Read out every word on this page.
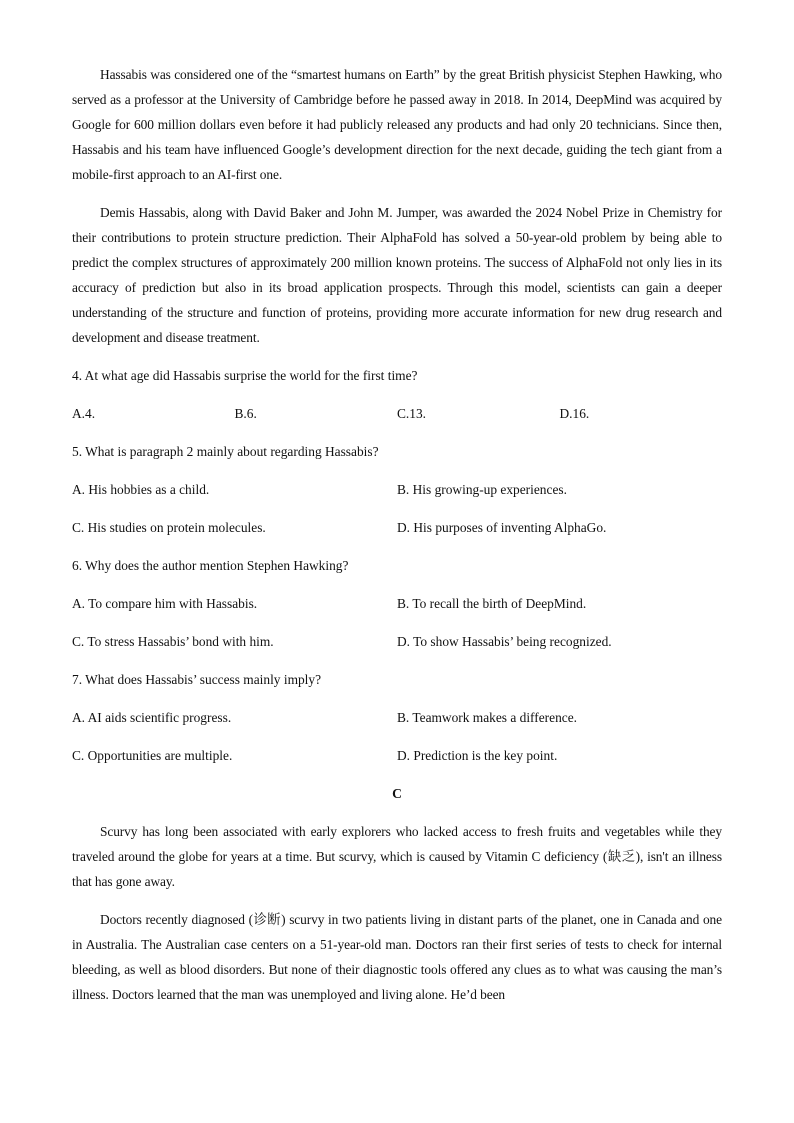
Hassabis was considered one of the “smartest humans on Earth” by the great British physicist Stephen Hawking, who served as a professor at the University of Cambridge before he passed away in 2018. In 2014, DeepMind was acquired by Google for 600 million dollars even before it had publicly released any products and had only 20 technicians. Since then, Hassabis and his team have influenced Google’s development direction for the next decade, guiding the tech giant from a mobile-first approach to an AI-first one.

Demis Hassabis, along with David Baker and John M. Jumper, was awarded the 2024 Nobel Prize in Chemistry for their contributions to protein structure prediction. Their AlphaFold has solved a 50-year-old problem by being able to predict the complex structures of approximately 200 million known proteins. The success of AlphaFold not only lies in its accuracy of prediction but also in its broad application prospects. Through this model, scientists can gain a deeper understanding of the structure and function of proteins, providing more accurate information for new drug research and development and disease treatment.

4. At what age did Hassabis surprise the world for the first time?

A.4.	B.6.	C.13.	D.16.

5. What is paragraph 2 mainly about regarding Hassabis?

A. His hobbies as a child.	B. His growing-up experiences.
C. His studies on protein molecules.	D. His purposes of inventing AlphaGo.

6. Why does the author mention Stephen Hawking?

A. To compare him with Hassabis.	B. To recall the birth of DeepMind.
C. To stress Hassabis’ bond with him.	D. To show Hassabis’ being recognized.

7. What does Hassabis’ success mainly imply?

A. AI aids scientific progress.	B. Teamwork makes a difference.
C. Opportunities are multiple.	D. Prediction is the key point.
C

Scurvy has long been associated with early explorers who lacked access to fresh fruits and vegetables while they traveled around the globe for years at a time. But scurvy, which is caused by Vitamin C deficiency (缺乏), isn't an illness that has gone away.

Doctors recently diagnosed (诊断) scurvy in two patients living in distant parts of the planet, one in Canada and one in Australia. The Australian case centers on a 51-year-old man. Doctors ran their first series of tests to check for internal bleeding, as well as blood disorders. But none of their diagnostic tools offered any clues as to what was causing the man’s illness. Doctors learned that the man was unemployed and living alone. He’d been
